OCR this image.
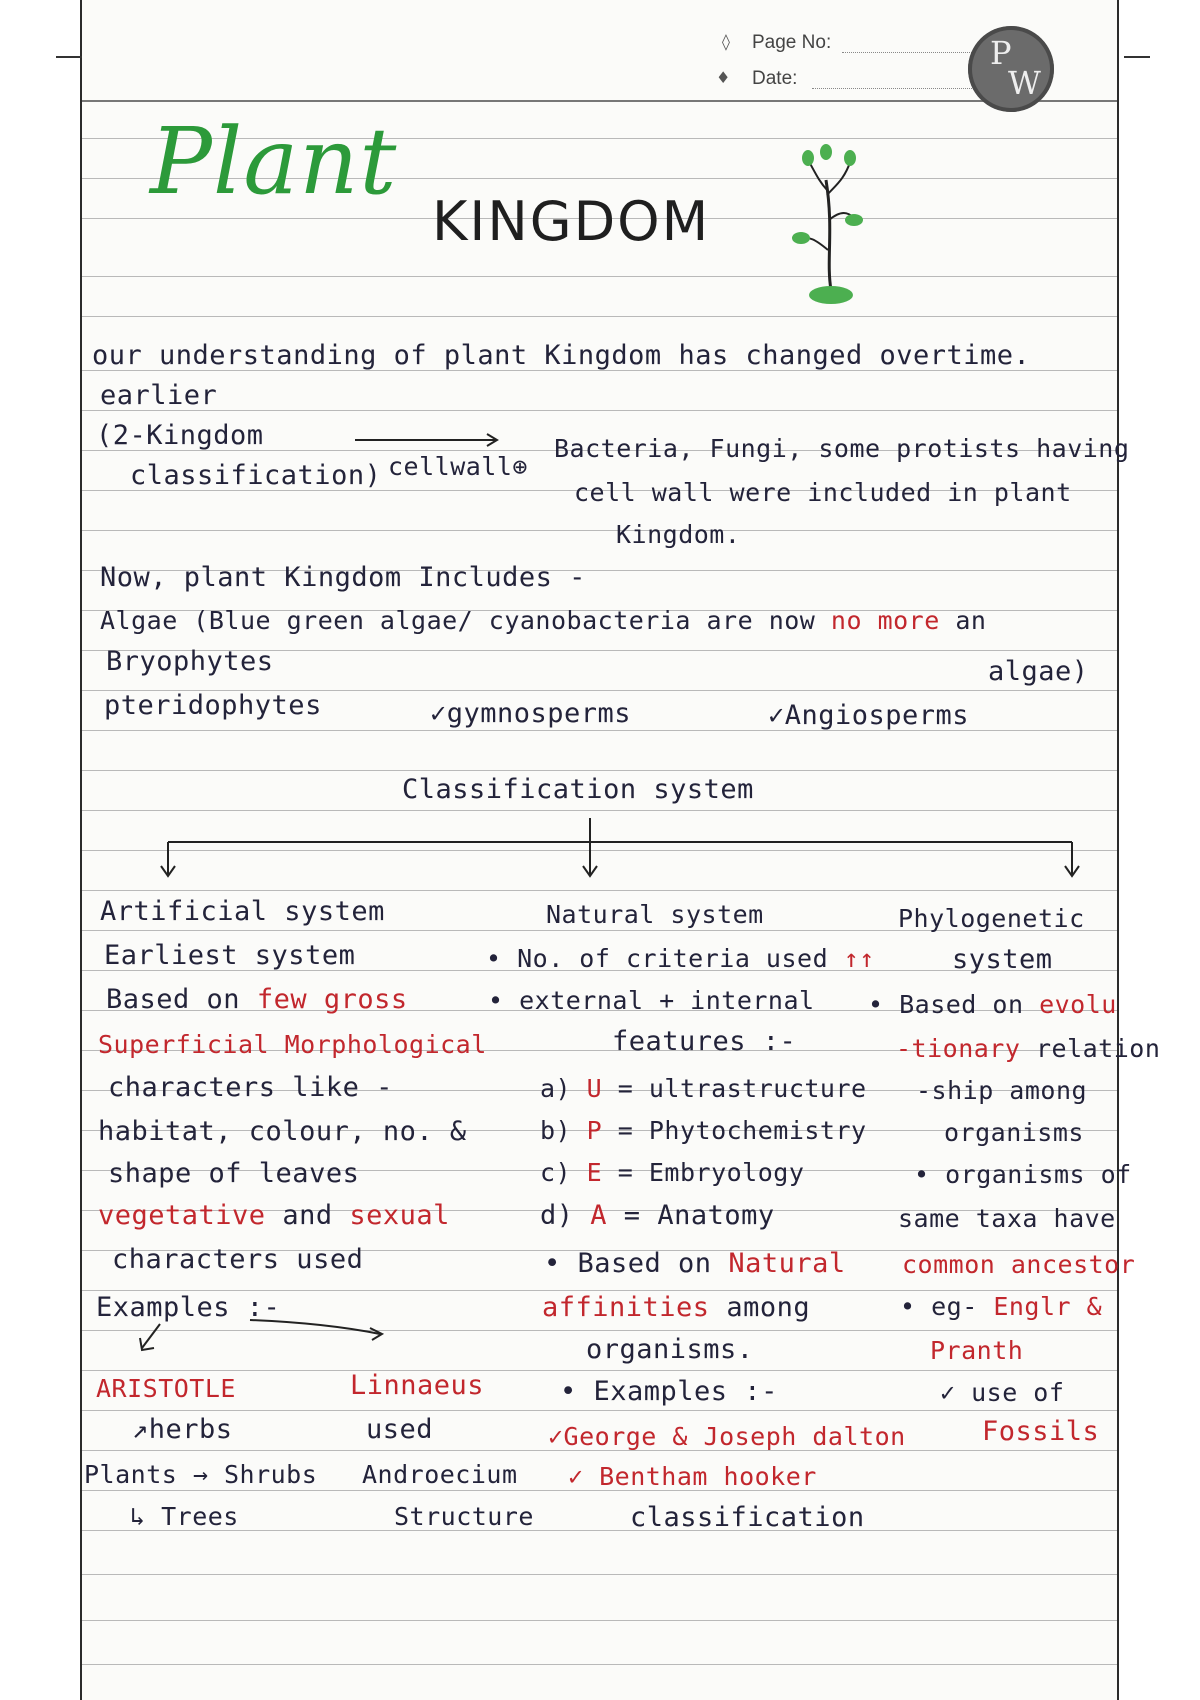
◊ Page No:
♦ Date:
P
W
Plant
KINGDOM
our understanding of plant Kingdom has changed overtime.
earlier
(2-Kingdom
classification) cellwall⊕
Bacteria, Fungi, some protists having
cell wall were included in plant
Kingdom.
Now, plant Kingdom Includes -
Algae (Blue green algae/ cyanobacteria are now no more an
Bryophytes	algae)
pteridophytes	✓gymnosperms	✓Angiosperms
Classification system
Artificial system
Earliest system
Based on few gross
Superficial Morphological
characters like -
habitat, colour, no. &
shape of leaves
vegetative and sexual
characters used
Examples :-
ARISTOTLE	Linnaeus
↗herbs	used
Plants → Shrubs Androecium
↳ Trees	Structure
Natural system
• No. of criteria used ↑↑
• external + internal
features :-
a) U = ultrastructure
b) P = Phytochemistry
c) E = Embryology
d) A = Anatomy
• Based on Natural
affinities among
organisms.
• Examples :-
✓George & Joseph dalton
✓ Bentham hooker
classification
Phylogenetic
system
• Based on evolu
-tionary relation
-ship among
organisms
• organisms of
same taxa have
common ancestor
• eg- Englr &
Pranth
✓ use of
Fossils
